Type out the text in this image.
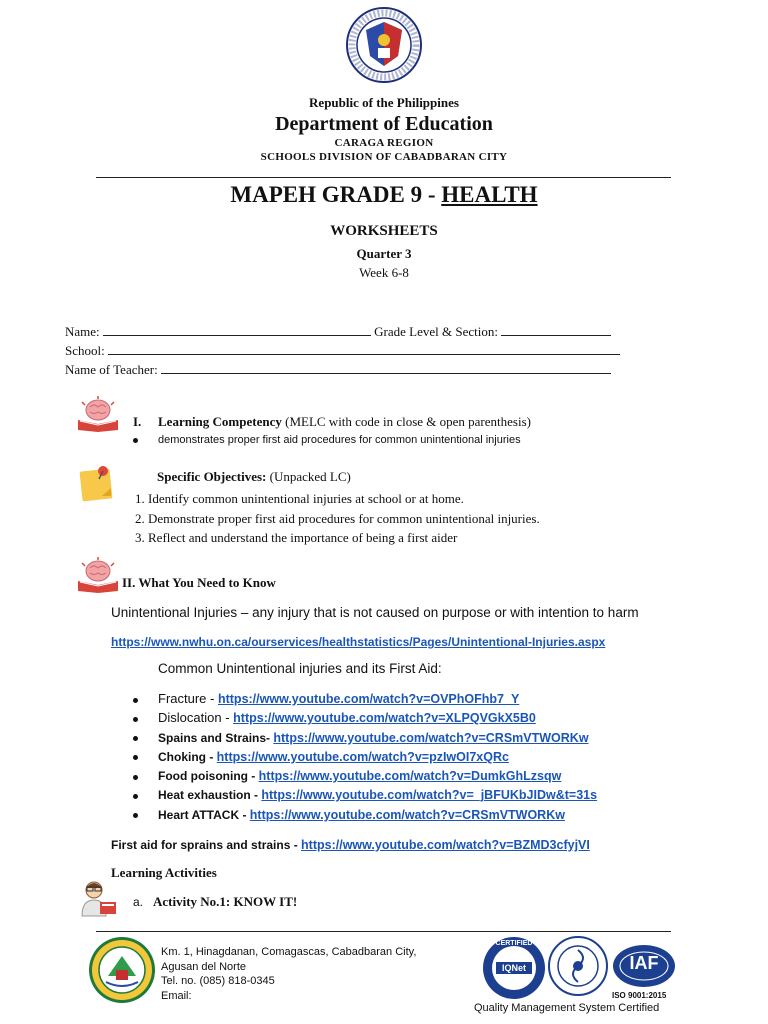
Republic of the Philippines
Department of Education
CARAGA REGION
SCHOOLS DIVISION OF CABADBARAN CITY
MAPEH GRADE 9 - HEALTH
WORKSHEETS
Quarter 3
Week 6-8
Name:	Grade Level & Section:
School:
Name of Teacher:
I. Learning Competency (MELC with code in close & open parenthesis)
demonstrates proper first aid procedures for common unintentional injuries
Specific Objectives: (Unpacked LC)
1. Identify common unintentional injuries at school or at home.
2. Demonstrate proper first aid procedures for common unintentional injuries.
3. Reflect and understand the importance of being a first aider
II. What You Need to Know
Unintentional Injuries – any injury that is not caused on purpose or with intention to harm
https://www.nwhu.on.ca/ourservices/healthstatistics/Pages/Unintentional-Injuries.aspx
Common Unintentional injuries and its First Aid:
Fracture - https://www.youtube.com/watch?v=OVPhOFhb7_Y
Dislocation - https://www.youtube.com/watch?v=XLPQVGkX5B0
Spains and Strains- https://www.youtube.com/watch?v=CRSmVTWORKw
Choking - https://www.youtube.com/watch?v=pzIwOI7xQRc
Food poisoning - https://www.youtube.com/watch?v=DumkGhLzsqw
Heat exhaustion - https://www.youtube.com/watch?v=_jBFUKbJIDw&t=31s
Heart ATTACK - https://www.youtube.com/watch?v=CRSmVTWORKw
First aid for sprains and strains - https://www.youtube.com/watch?v=BZMD3cfyjVI
Learning Activities
a. Activity No.1: KNOW IT!
Km. 1, Hinagdanan, Comagascas, Cabadbaran City,
Agusan del Norte
Tel. no. (085) 818-0345
Email:
CERTIFIED
IQNet	IAF
ISO 9001:2015
Quality Management System Certified
